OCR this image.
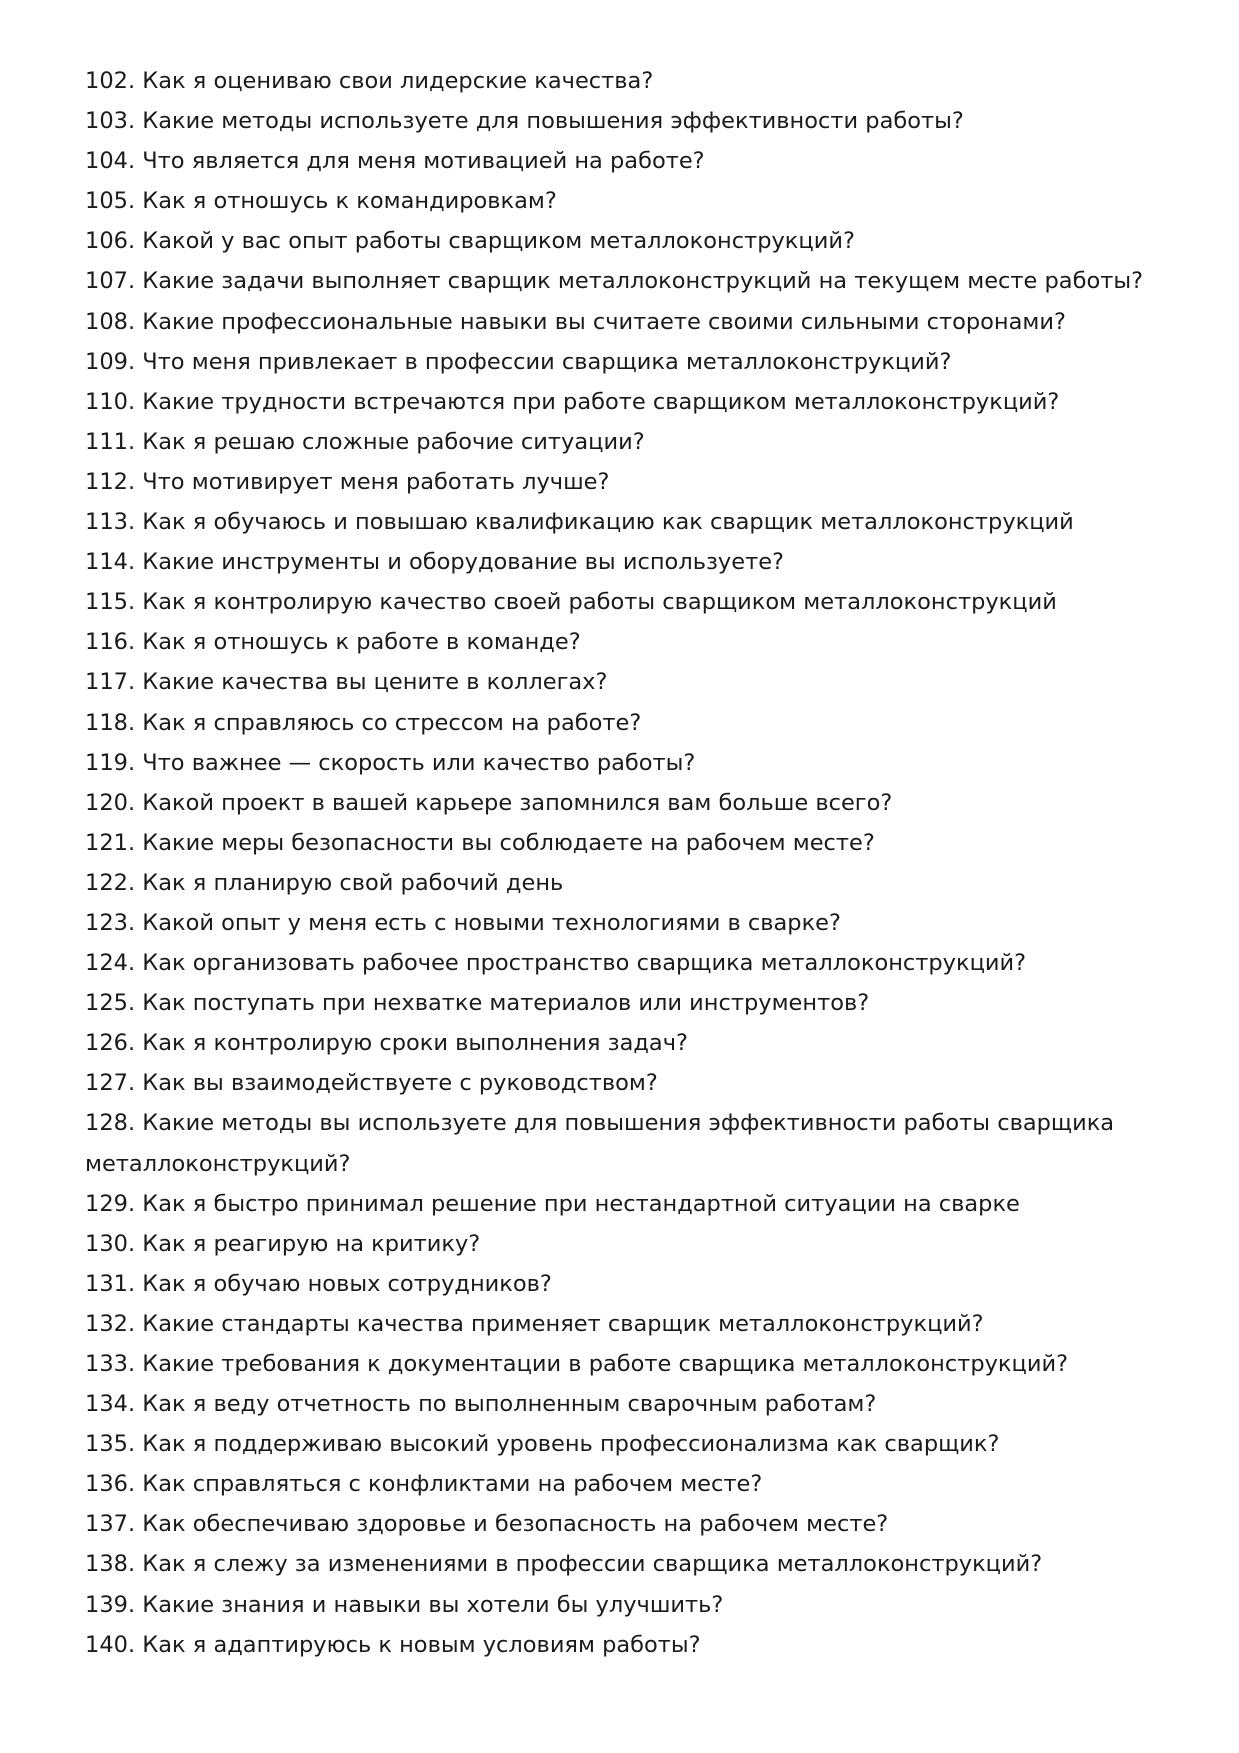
102. Как я оцениваю свои лидерские качества?
103. Какие методы используете для повышения эффективности работы?
104. Что является для меня мотивацией на работе?
105. Как я отношусь к командировкам?
106. Какой у вас опыт работы сварщиком металлоконструкций?
107. Какие задачи выполняет сварщик металлоконструкций на текущем месте работы?
108. Какие профессиональные навыки вы считаете своими сильными сторонами?
109. Что меня привлекает в профессии сварщика металлоконструкций?
110. Какие трудности встречаются при работе сварщиком металлоконструкций?
111. Как я решаю сложные рабочие ситуации?
112. Что мотивирует меня работать лучше?
113. Как я обучаюсь и повышаю квалификацию как сварщик металлоконструкций
114. Какие инструменты и оборудование вы используете?
115. Как я контролирую качество своей работы сварщиком металлоконструкций
116. Как я отношусь к работе в команде?
117. Какие качества вы цените в коллегах?
118. Как я справляюсь со стрессом на работе?
119. Что важнее — скорость или качество работы?
120. Какой проект в вашей карьере запомнился вам больше всего?
121. Какие меры безопасности вы соблюдаете на рабочем месте?
122. Как я планирую свой рабочий день
123. Какой опыт у меня есть с новыми технологиями в сварке?
124. Как организовать рабочее пространство сварщика металлоконструкций?
125. Как поступать при нехватке материалов или инструментов?
126. Как я контролирую сроки выполнения задач?
127. Как вы взаимодействуете с руководством?
128. Какие методы вы используете для повышения эффективности работы сварщика металлоконструкций?
129. Как я быстро принимал решение при нестандартной ситуации на сварке
130. Как я реагирую на критику?
131. Как я обучаю новых сотрудников?
132. Какие стандарты качества применяет сварщик металлоконструкций?
133. Какие требования к документации в работе сварщика металлоконструкций?
134. Как я веду отчетность по выполненным сварочным работам?
135. Как я поддерживаю высокий уровень профессионализма как сварщик?
136. Как справляться с конфликтами на рабочем месте?
137. Как обеспечиваю здоровье и безопасность на рабочем месте?
138. Как я слежу за изменениями в профессии сварщика металлоконструкций?
139. Какие знания и навыки вы хотели бы улучшить?
140. Как я адаптируюсь к новым условиям работы?
